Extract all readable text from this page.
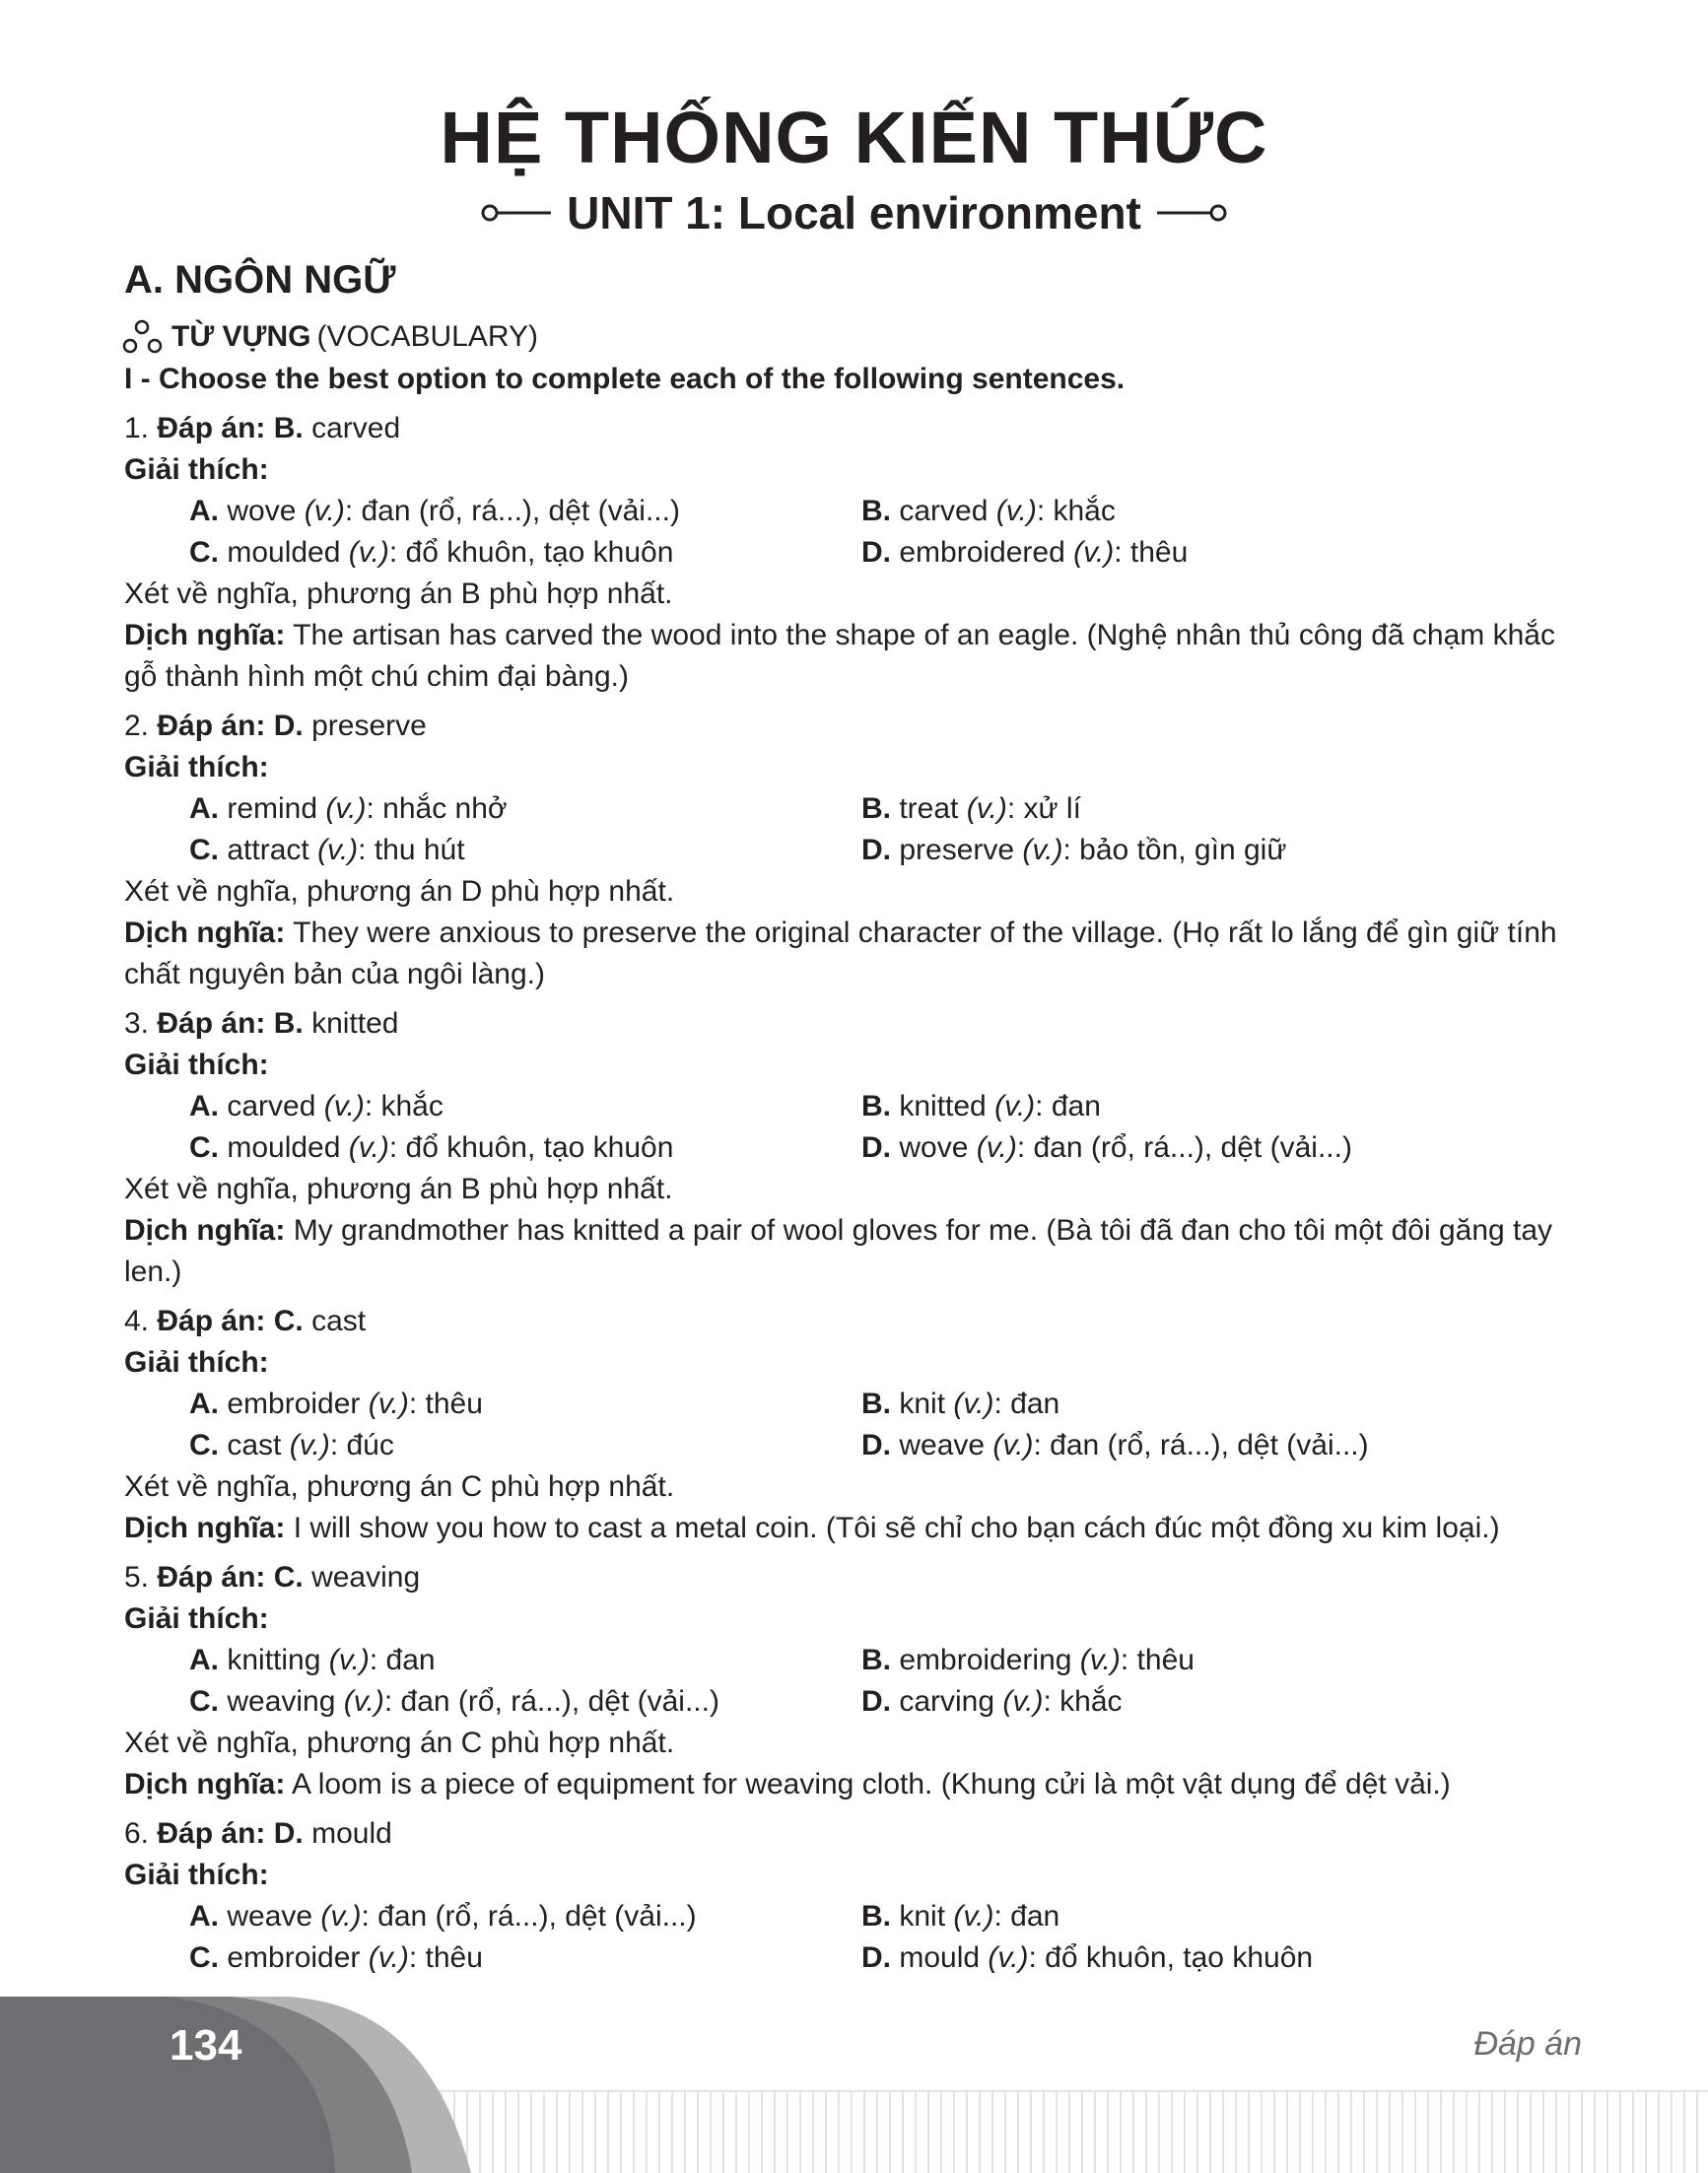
HỆ THỐNG KIẾN THỨC
UNIT 1: Local environment
A. NGÔN NGỮ
TỪ VỰNG (VOCABULARY)
I - Choose the best option to complete each of the following sentences.
1. Đáp án: B. carved
Giải thích:
A. wove (v.): đan (rổ, rá...), dệt (vải...)	B. carved (v.): khắc
C. moulded (v.): đổ khuôn, tạo khuôn	D. embroidered (v.): thêu
Xét về nghĩa, phương án B phù hợp nhất.
Dịch nghĩa: The artisan has carved the wood into the shape of an eagle. (Nghệ nhân thủ công đã chạm khắc gỗ thành hình một chú chim đại bàng.)
2. Đáp án: D. preserve
Giải thích:
A. remind (v.): nhắc nhở	B. treat (v.): xử lí
C. attract (v.): thu hút	D. preserve (v.): bảo tồn, gìn giữ
Xét về nghĩa, phương án D phù hợp nhất.
Dịch nghĩa: They were anxious to preserve the original character of the village. (Họ rất lo lắng để gìn giữ tính chất nguyên bản của ngôi làng.)
3. Đáp án: B. knitted
Giải thích:
A. carved (v.): khắc	B. knitted (v.): đan
C. moulded (v.): đổ khuôn, tạo khuôn	D. wove (v.): đan (rổ, rá...), dệt (vải...)
Xét về nghĩa, phương án B phù hợp nhất.
Dịch nghĩa: My grandmother has knitted a pair of wool gloves for me. (Bà tôi đã đan cho tôi một đôi găng tay len.)
4. Đáp án: C. cast
Giải thích:
A. embroider (v.): thêu	B. knit (v.): đan
C. cast (v.): đúc	D. weave (v.): đan (rổ, rá...), dệt (vải...)
Xét về nghĩa, phương án C phù hợp nhất.
Dịch nghĩa: I will show you how to cast a metal coin. (Tôi sẽ chỉ cho bạn cách đúc một đồng xu kim loại.)
5. Đáp án: C. weaving
Giải thích:
A. knitting (v.): đan	B. embroidering (v.): thêu
C. weaving (v.): đan (rổ, rá...), dệt (vải...)	D. carving (v.): khắc
Xét về nghĩa, phương án C phù hợp nhất.
Dịch nghĩa: A loom is a piece of equipment for weaving cloth. (Khung cửi là một vật dụng để dệt vải.)
6. Đáp án: D. mould
Giải thích:
A. weave (v.): đan (rổ, rá...), dệt (vải...)	B. knit (v.): đan
C. embroider (v.): thêu	D. mould (v.): đổ khuôn, tạo khuôn
134	Đáp án
